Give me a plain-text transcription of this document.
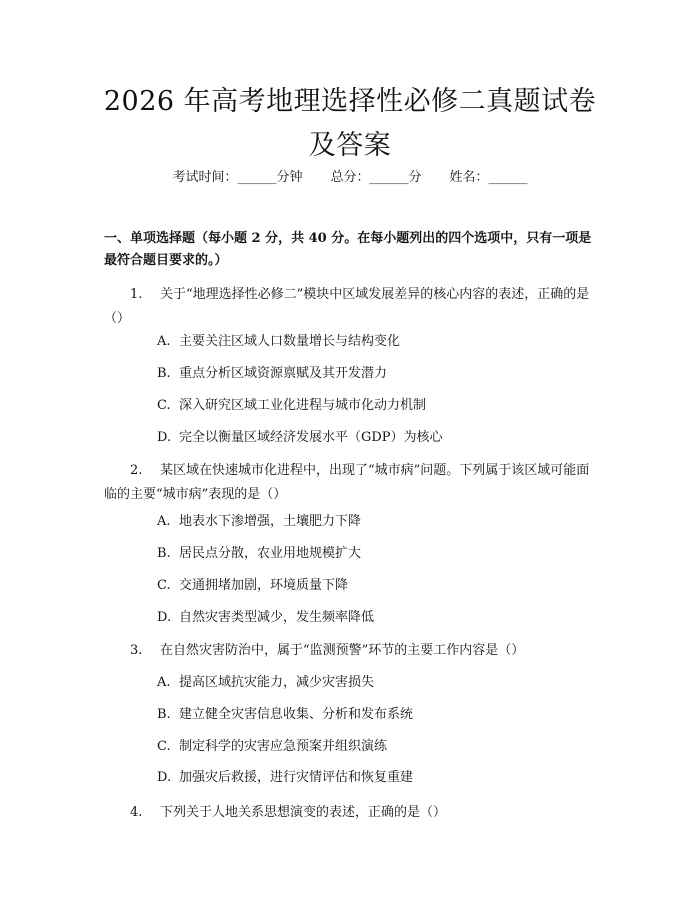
2026 年高考地理选择性必修二真题试卷及答案
考试时间：______分钟 总分：______分 姓名：______
一、单项选择题（每小题 2 分，共 40 分。在每小题列出的四个选项中，只有一项是最符合题目要求的。）
1. 关于“地理选择性必修二”模块中区域发展差异的核心内容的表述，正确的是（）
A. 主要关注区域人口数量增长与结构变化
B. 重点分析区域资源禀赋及其开发潜力
C. 深入研究区域工业化进程与城市化动力机制
D. 完全以衡量区域经济发展水平（GDP）为核心
2. 某区域在快速城市化进程中，出现了“城市病”问题。下列属于该区域可能面临的主要“城市病”表现的是（）
A. 地表水下渗增强，土壤肥力下降
B. 居民点分散，农业用地规模扩大
C. 交通拥堵加剧，环境质量下降
D. 自然灾害类型减少，发生频率降低
3. 在自然灾害防治中，属于“监测预警”环节的主要工作内容是（）
A. 提高区域抗灾能力，减少灾害损失
B. 建立健全灾害信息收集、分析和发布系统
C. 制定科学的灾害应急预案并组织演练
D. 加强灾后救援，进行灾情评估和恢复重建
4. 下列关于人地关系思想演变的表述，正确的是（）
